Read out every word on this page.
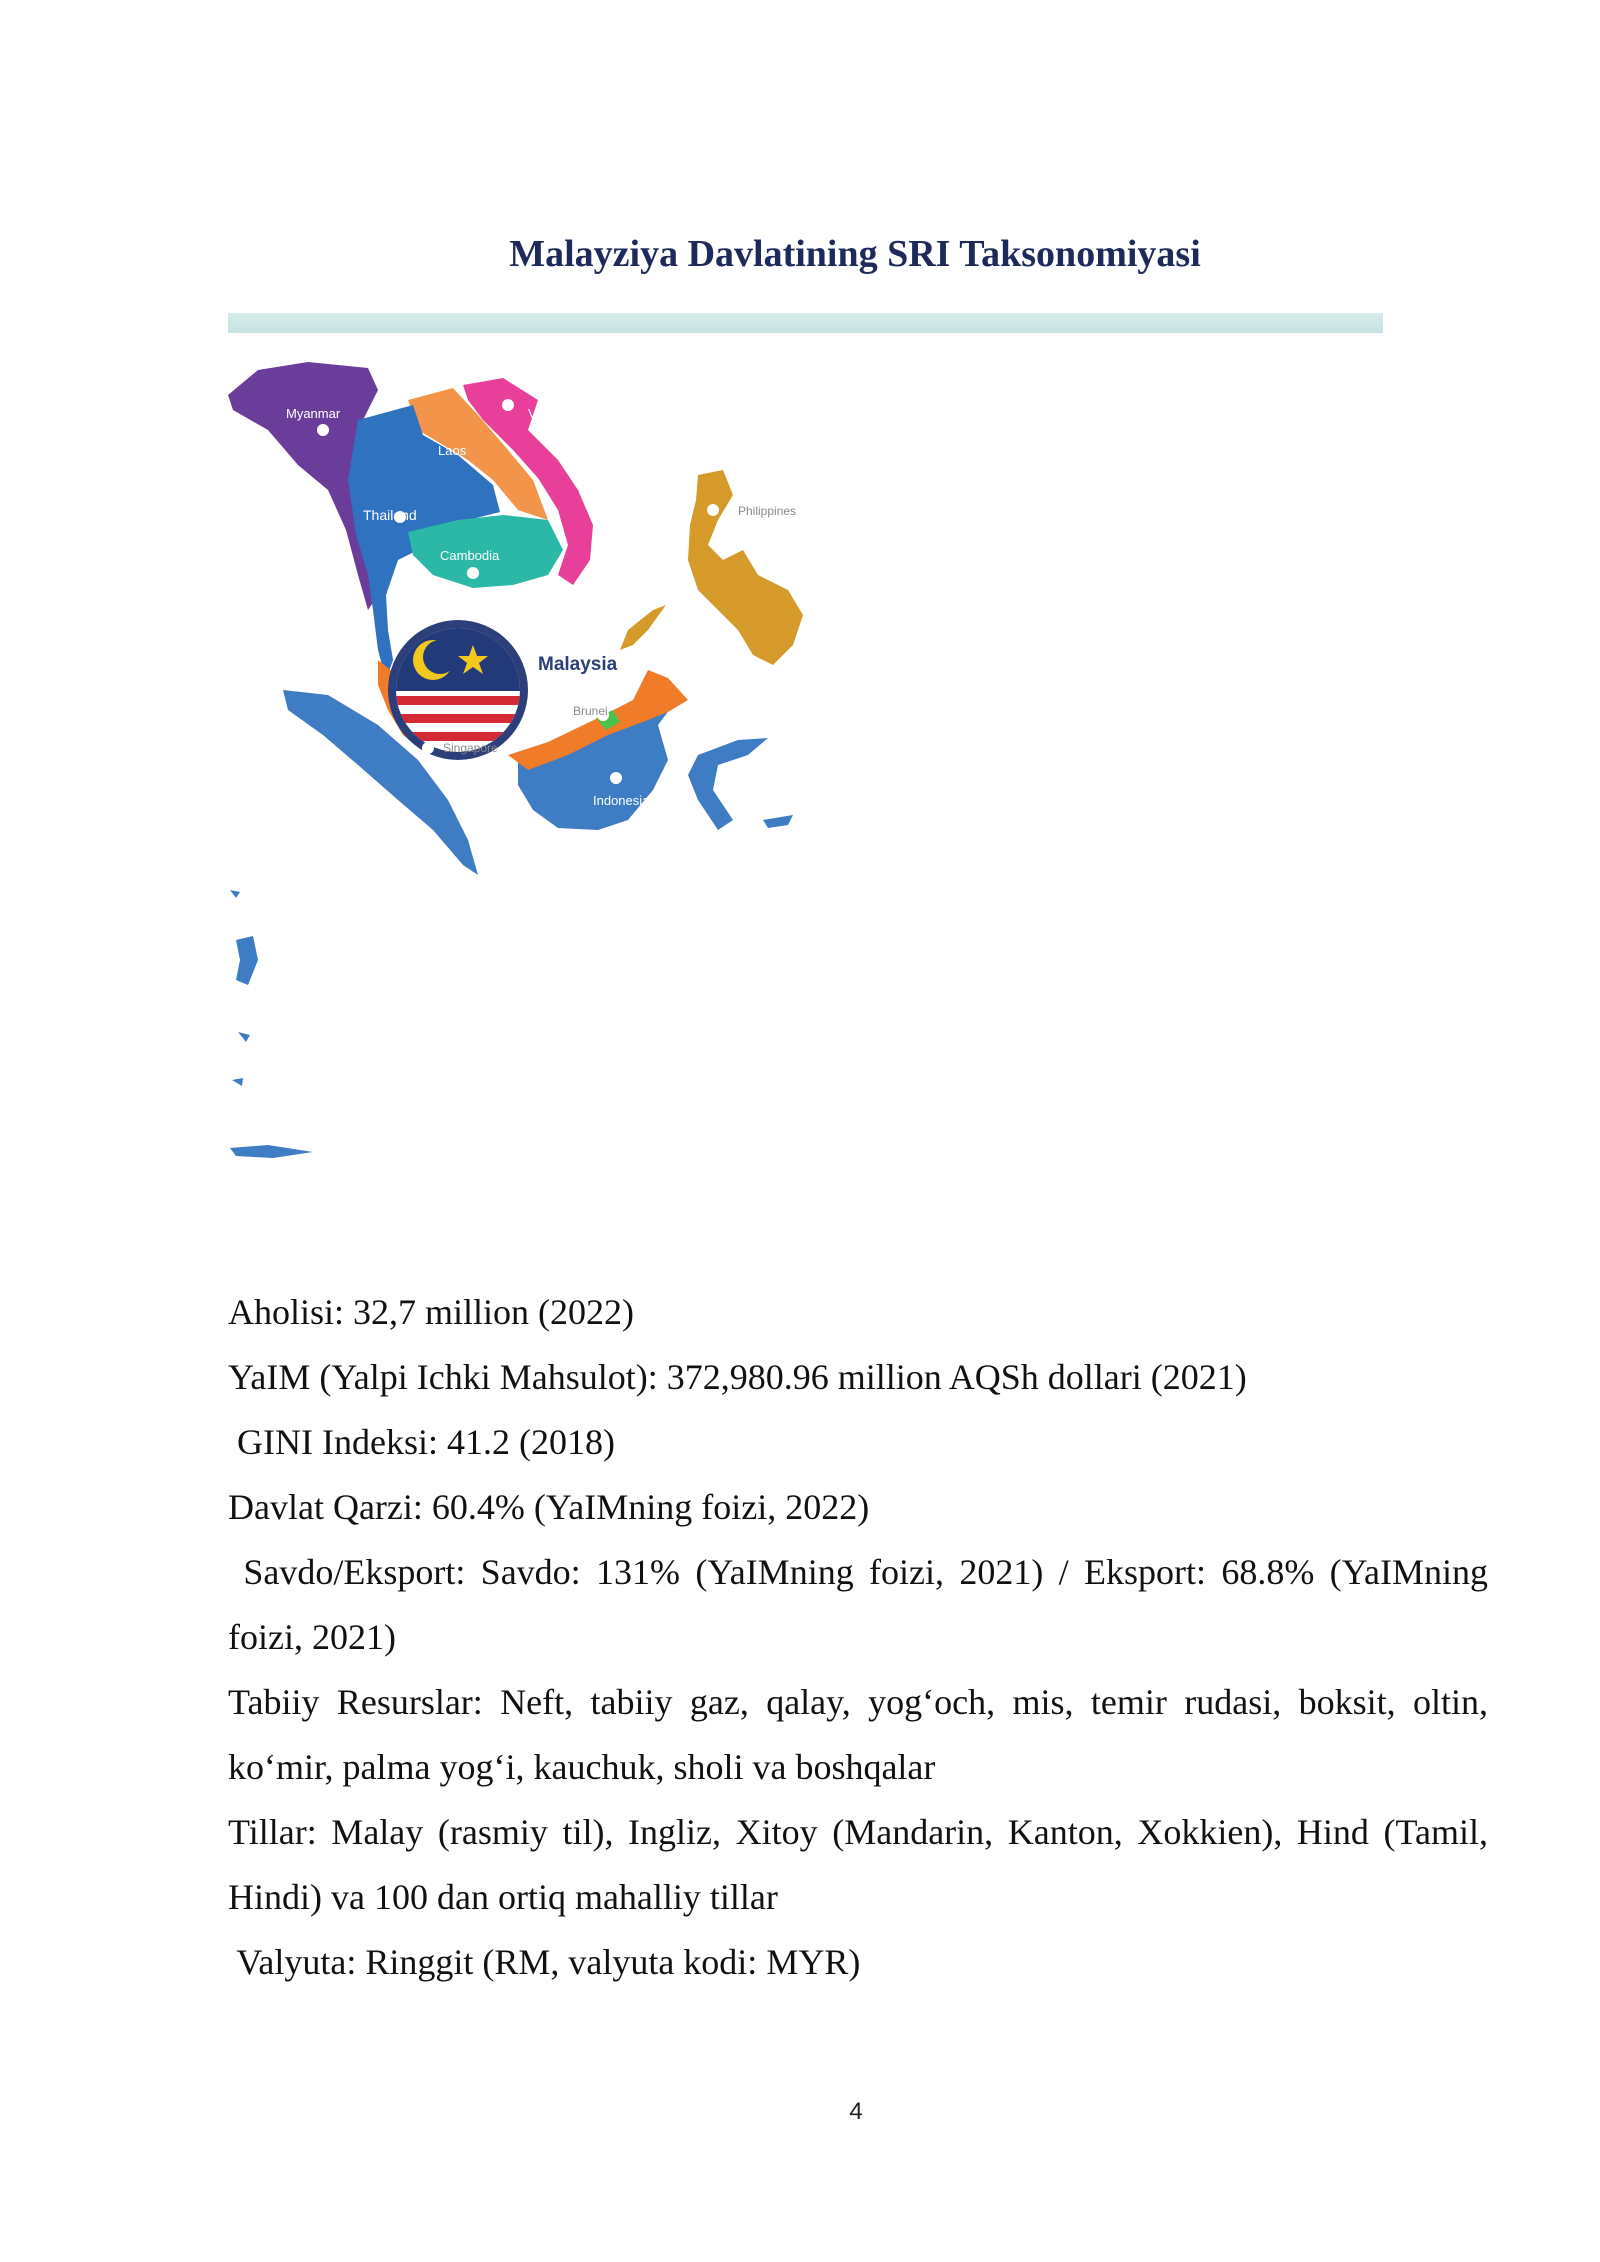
Malayziya Davlatining SRI Taksonomiyasi
Myanmar	Vietnam
Laos
Thailand
Cambodia
Philippines
Malaysia
Brunei
Singapore
Indonesia

Aholisi: 32,7 million (2022)

YaIM (Yalpi Ichki Mahsulot): 372,980.96 million AQSh dollari (2021)

GINI Indeksi: 41.2 (2018)

Davlat Qarzi: 60.4% (YaIMning foizi, 2022)

Savdo/Eksport: Savdo: 131% (YaIMning foizi, 2021) / Eksport: 68.8% (YaIMning foizi, 2021)

Tabiiy Resurslar: Neft, tabiiy gaz, qalay, yog‘och, mis, temir rudasi, boksit, oltin, ko‘mir, palma yog‘i, kauchuk, sholi va boshqalar

Tillar: Malay (rasmiy til), Ingliz, Xitoy (Mandarin, Kanton, Xokkien), Hind (Tamil, Hindi) va 100 dan ortiq mahalliy tillar

Valyuta: Ringgit (RM, valyuta kodi: MYR)

4
